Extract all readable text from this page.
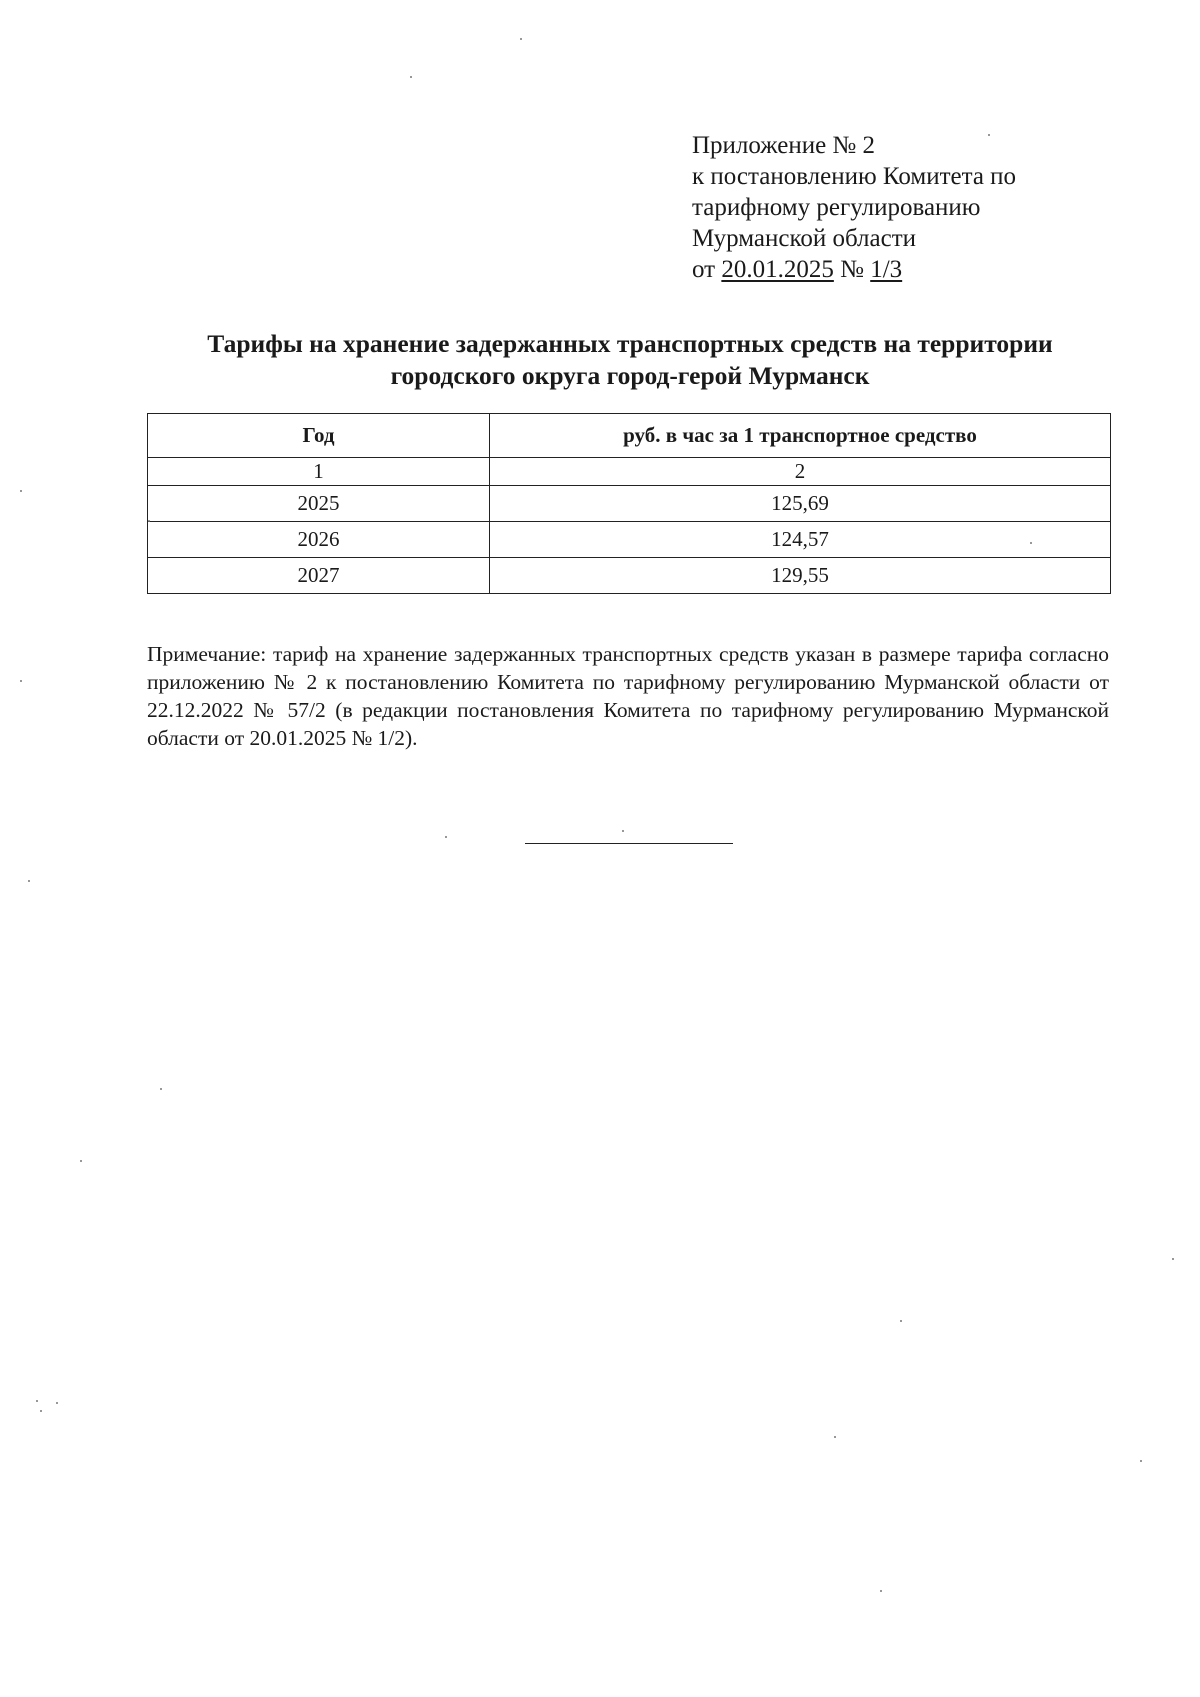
Приложение № 2
к постановлению Комитета по
тарифному регулированию
Мурманской области
от 20.01.2025 № 1/3
Тарифы на хранение задержанных транспортных средств на территории
городского округа город-герой Мурманск
Год	руб. в час за 1 транспортное средство
1	2
2025	125,69
2026	124,57
2027	129,55
Примечание: тариф на хранение задержанных транспортных средств указан в размере тарифа согласно приложению № 2 к постановлению Комитета по тарифному регулированию Мурманской области от 22.12.2022 № 57/2 (в редакции постановления Комитета по тарифному регулированию Мурманской области от 20.01.2025 № 1/2).
